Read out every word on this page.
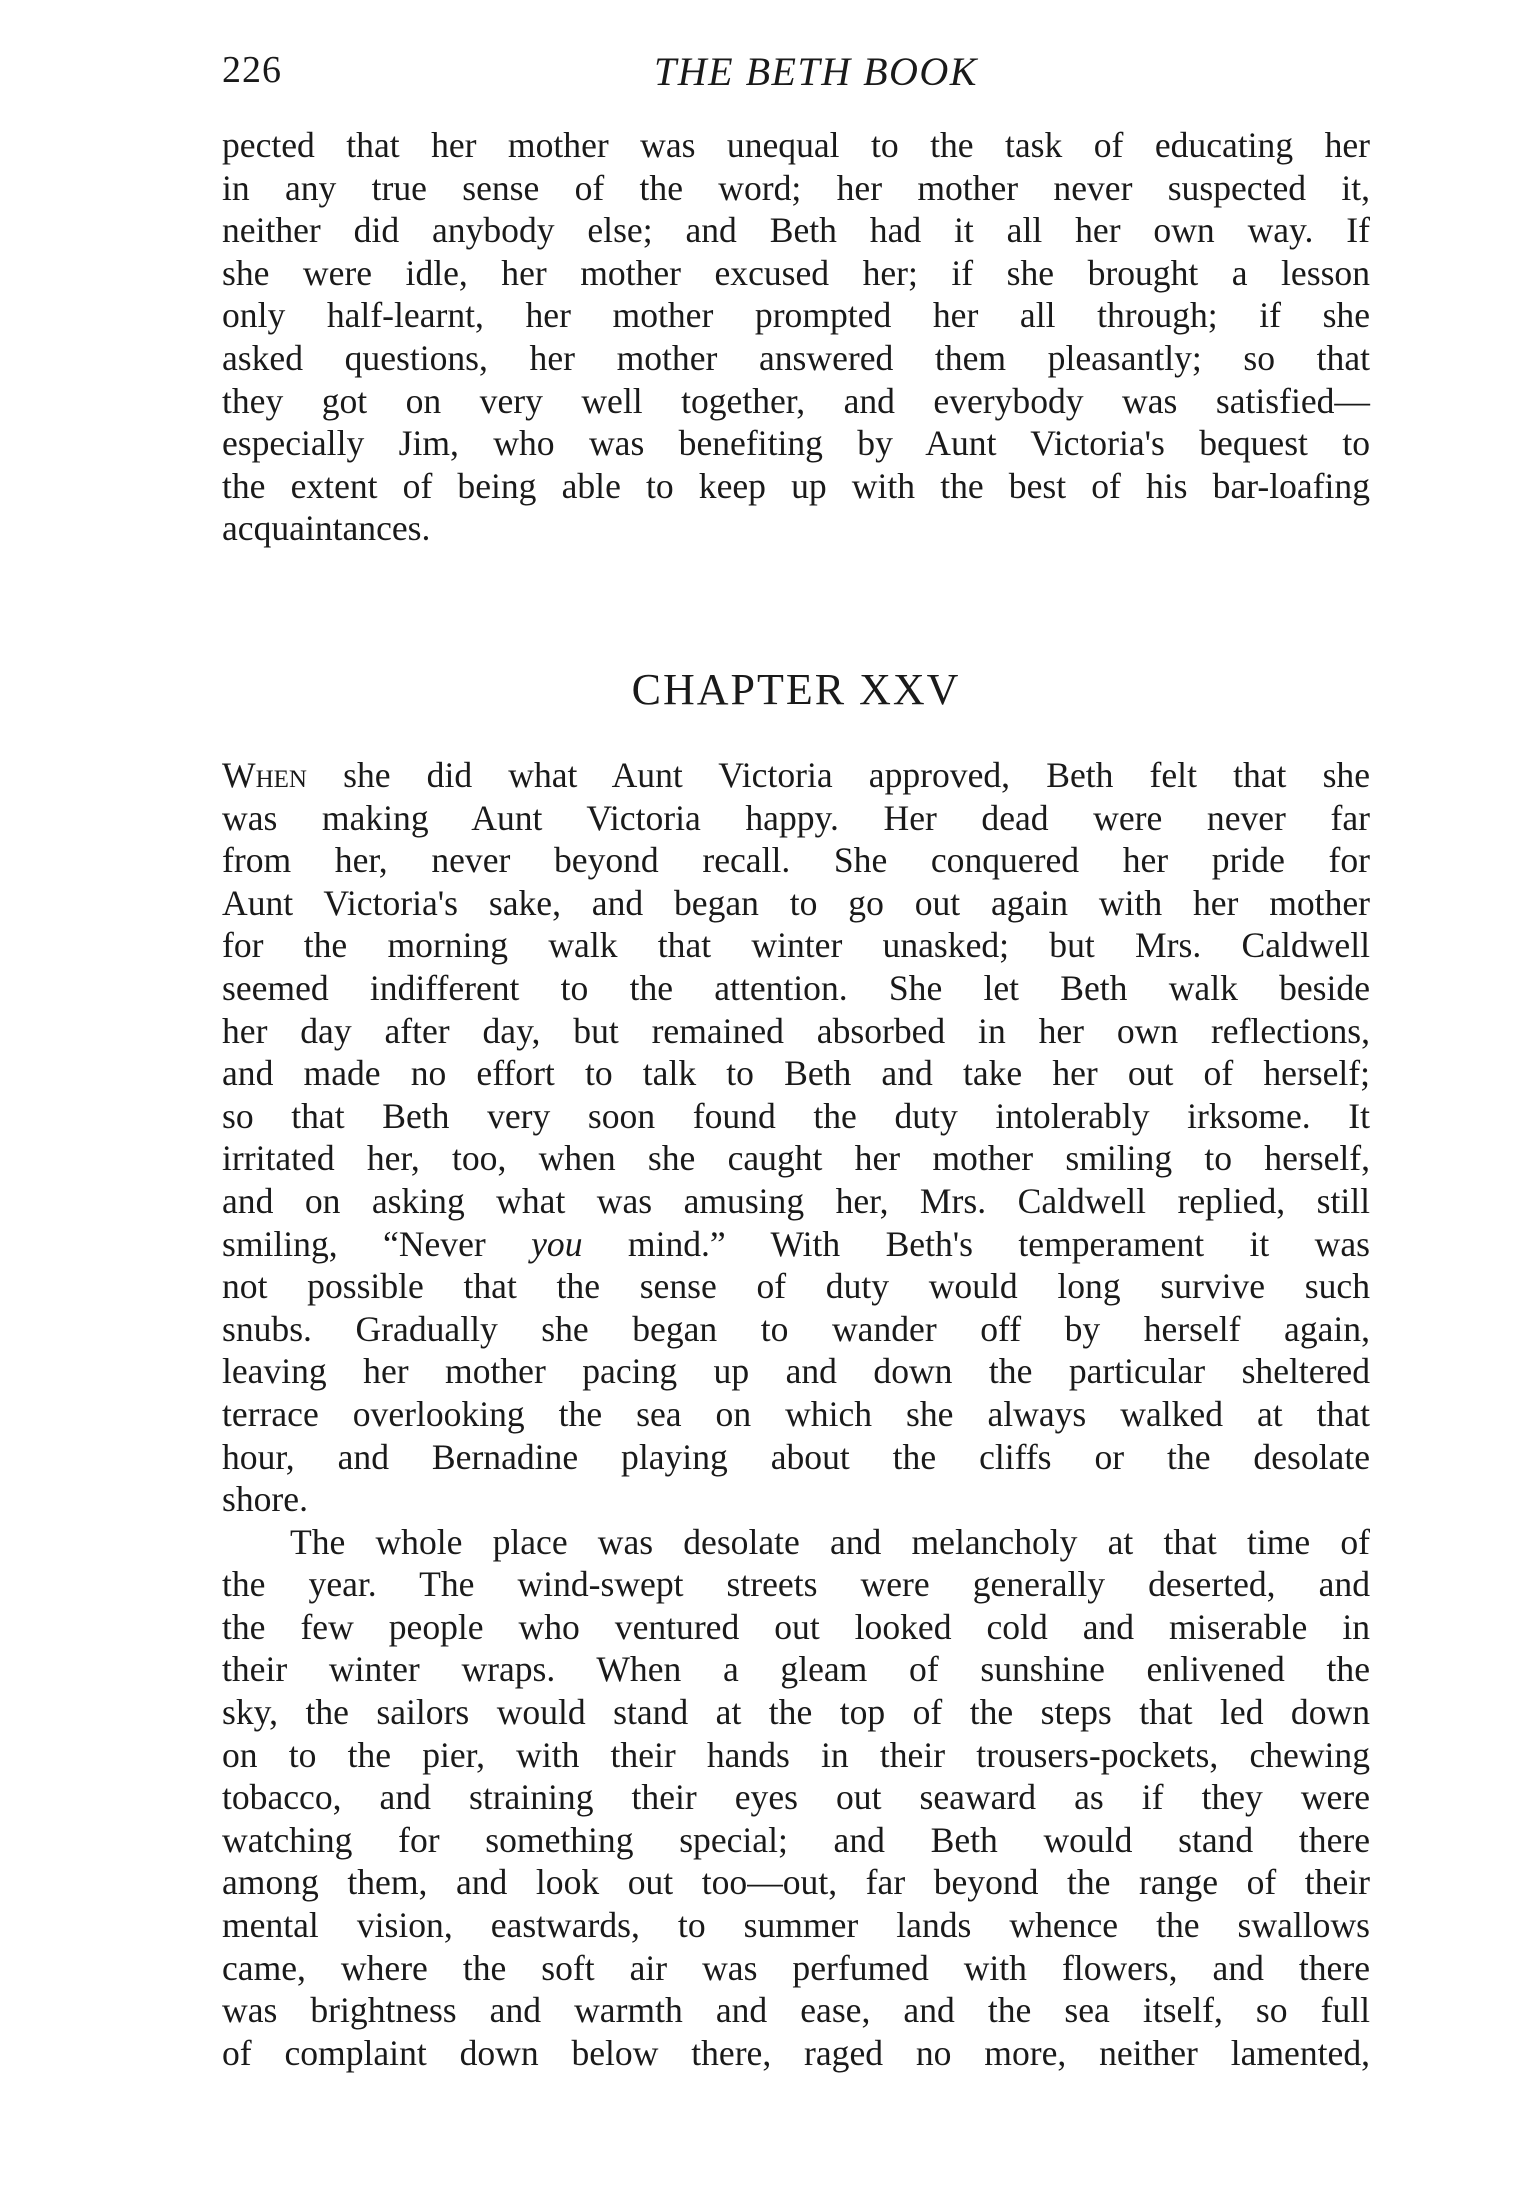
226	THE BETH BOOK
pected that her mother was unequal to the task of educating her
in any true sense of the word; her mother never suspected it,
neither did anybody else; and Beth had it all her own way. If
she were idle, her mother excused her; if she brought a lesson
only half-learnt, her mother prompted her all through; if she
asked questions, her mother answered them pleasantly; so that
they got on very well together, and everybody was satisfied—
especially Jim, who was benefiting by Aunt Victoria's bequest to
the extent of being able to keep up with the best of his bar-loafing
acquaintances.
CHAPTER XXV
When she did what Aunt Victoria approved, Beth felt that she
was making Aunt Victoria happy. Her dead were never far
from her, never beyond recall. She conquered her pride for
Aunt Victoria's sake, and began to go out again with her mother
for the morning walk that winter unasked; but Mrs. Caldwell
seemed indifferent to the attention. She let Beth walk beside
her day after day, but remained absorbed in her own reflections,
and made no effort to talk to Beth and take her out of herself;
so that Beth very soon found the duty intolerably irksome. It
irritated her, too, when she caught her mother smiling to herself,
and on asking what was amusing her, Mrs. Caldwell replied, still
smiling, “Never you mind.” With Beth's temperament it was
not possible that the sense of duty would long survive such
snubs. Gradually she began to wander off by herself again,
leaving her mother pacing up and down the particular sheltered
terrace overlooking the sea on which she always walked at that
hour, and Bernadine playing about the cliffs or the desolate
shore.
The whole place was desolate and melancholy at that time of
the year. The wind-swept streets were generally deserted, and
the few people who ventured out looked cold and miserable in
their winter wraps. When a gleam of sunshine enlivened the
sky, the sailors would stand at the top of the steps that led down
on to the pier, with their hands in their trousers-pockets, chewing
tobacco, and straining their eyes out seaward as if they were
watching for something special; and Beth would stand there
among them, and look out too—out, far beyond the range of their
mental vision, eastwards, to summer lands whence the swallows
came, where the soft air was perfumed with flowers, and there
was brightness and warmth and ease, and the sea itself, so full
of complaint down below there, raged no more, neither lamented,
